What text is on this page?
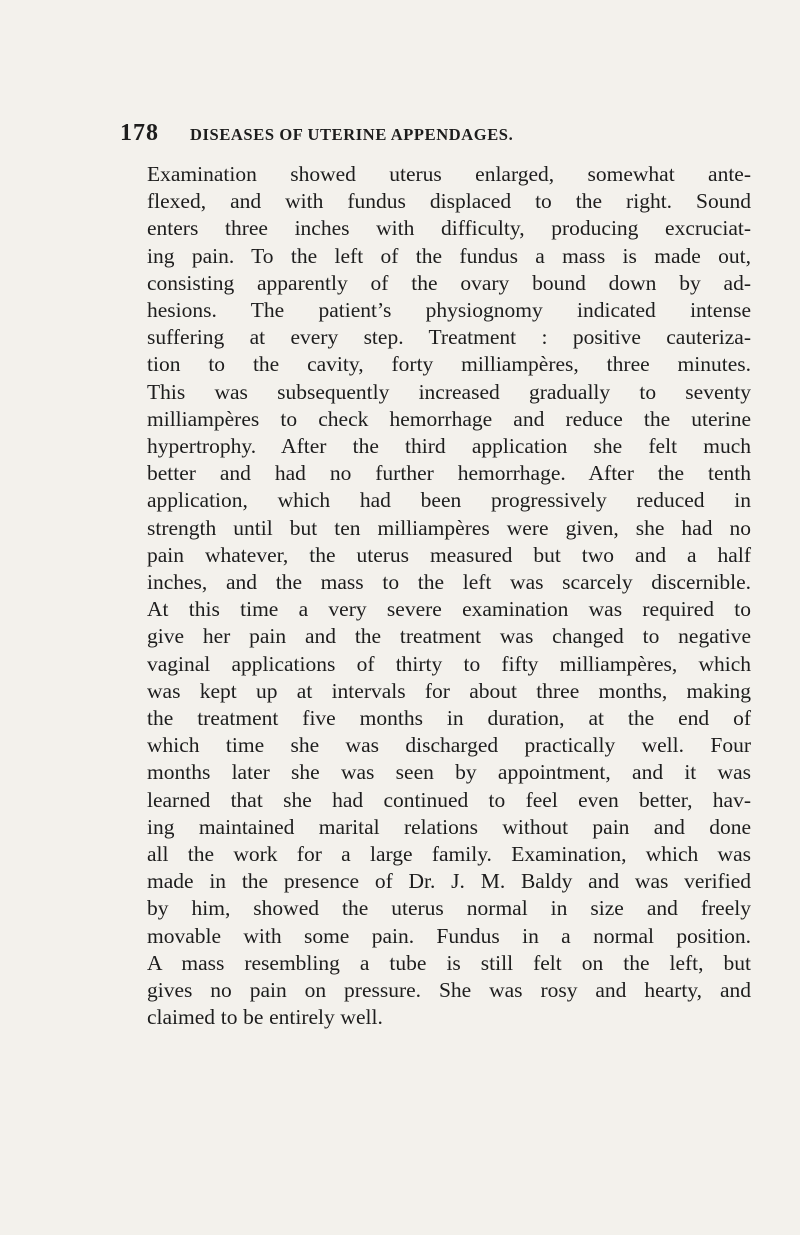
178 DISEASES OF UTERINE APPENDAGES.
Examination showed uterus enlarged, somewhat ante-
flexed, and with fundus displaced to the right. Sound
enters three inches with difficulty, producing excruciat-
ing pain. To the left of the fundus a mass is made out,
consisting apparently of the ovary bound down by ad-
hesions. The patient’s physiognomy indicated intense
suffering at every step. Treatment : positive cauteriza-
tion to the cavity, forty milliampères, three minutes.
This was subsequently increased gradually to seventy
milliampères to check hemorrhage and reduce the uterine
hypertrophy. After the third application she felt much
better and had no further hemorrhage. After the tenth
application, which had been progressively reduced in
strength until but ten milliampères were given, she had no
pain whatever, the uterus measured but two and a half
inches, and the mass to the left was scarcely discernible.
At this time a very severe examination was required to
give her pain and the treatment was changed to negative
vaginal applications of thirty to fifty milliampères, which
was kept up at intervals for about three months, making
the treatment five months in duration, at the end of
which time she was discharged practically well. Four
months later she was seen by appointment, and it was
learned that she had continued to feel even better, hav-
ing maintained marital relations without pain and done
all the work for a large family. Examination, which was
made in the presence of Dr. J. M. Baldy and was verified
by him, showed the uterus normal in size and freely
movable with some pain. Fundus in a normal position.
A mass resembling a tube is still felt on the left, but
gives no pain on pressure. She was rosy and hearty, and
claimed to be entirely well.
